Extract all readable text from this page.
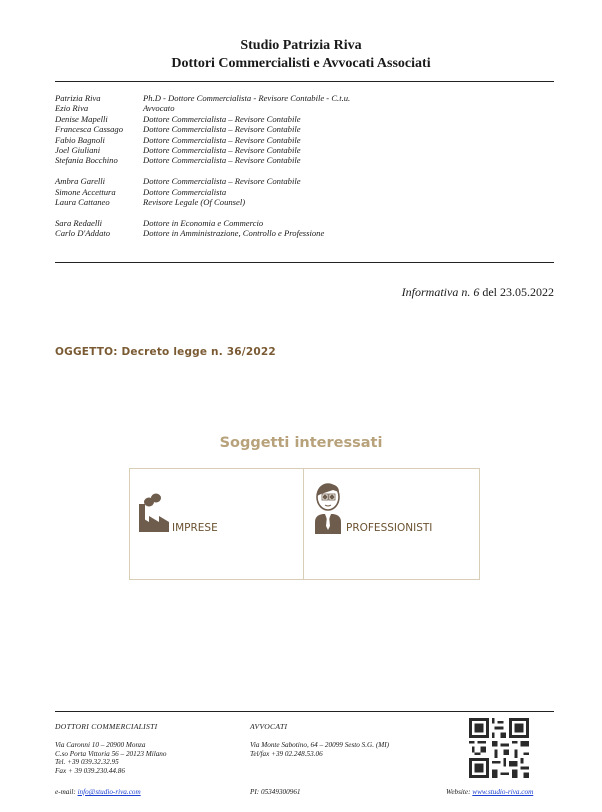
Studio Patrizia Riva
Dottori Commercialisti e Avvocati Associati
Patrizia Riva	Ph.D - Dottore Commercialista - Revisore Contabile - C.t.u.
Ezio Riva	Avvocato
Denise Mapelli	Dottore Commercialista – Revisore Contabile
Francesca Cassago	Dottore Commercialista – Revisore Contabile
Fabio Bagnoli	Dottore Commercialista – Revisore Contabile
Joel Giuliani	Dottore Commercialista – Revisore Contabile
Stefania Bocchino	Dottore Commercialista – Revisore Contabile
Ambra Garelli	Dottore Commercialista – Revisore Contabile
Simone Accettura	Dottore Commercialista
Laura Cattaneo	Revisore Legale (Of Counsel)
Sara Redaelli	Dottore in Economia e Commercio
Carlo D'Addato	Dottore in Amministrazione, Controllo e Professione
Informativa n. 6 del 23.05.2022
OGGETTO: Decreto legge n. 36/2022
Soggetti interessati
IMPRESE	PROFESSIONISTI
DOTTORI COMMERCIALISTI
Via Caronni 10 – 20900 Monza
C.so Porta Vittoria 56 – 20123 Milano
Tel. +39 039.32.32.95
Fax + 39 039.230.44.86
e-mail: info@studio-riva.com
AVVOCATI
Via Monte Sabotino, 64 – 20099 Sesto S.G. (MI)
Tel/fax +39 02.248.53.06
PI: 05349300961	Website: www.studio-riva.com
